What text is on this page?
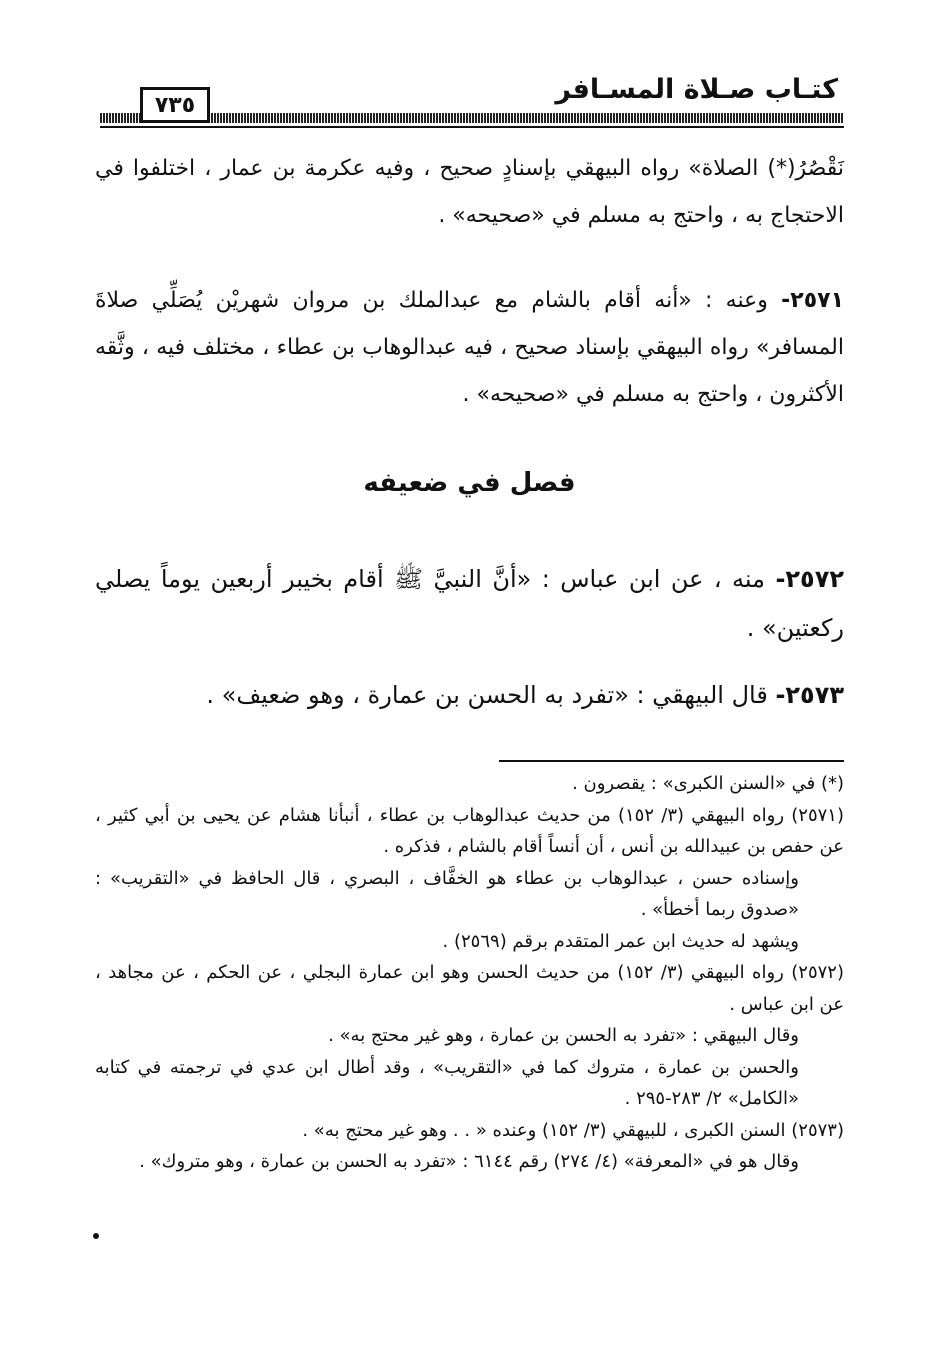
كتـاب صـلاة المسـافر
٧٣٥

نَقْصُرُ(*) الصلاة» رواه البيهقي بإسنادٍ صحيح ، وفيه عكرمة بن عمار ، اختلفوا في الاحتجاج به ، واحتج به مسلم في «صحيحه» .

٢٥٧١- وعنه : «أنه أقام بالشام مع عبدالملك بن مروان شهريْن يُصَلِّي صلاةَ المسافر» رواه البيهقي بإسناد صحيح ، فيه عبدالوهاب بن عطاء ، مختلف فيه ، وثَّقه الأكثرون ، واحتج به مسلم في «صحيحه» .

فصل في ضعيفه

٢٥٧٢- منه ، عن ابن عباس : «أنَّ النبيَّ ﷺ أقام بخيبر أربعين يوماً يصلي ركعتين» .

٢٥٧٣- قال البيهقي : «تفرد به الحسن بن عمارة ، وهو ضعيف» .

(*) في «السنن الكبرى» : يقصرون .

(٢٥٧١) رواه البيهقي (٣/ ١٥٢) من حديث عبدالوهاب بن عطاء ، أنبأنا هشام عن يحيى بن أبي كثير ، عن حفص بن عبيدالله بن أنس ، أن أنساً أقام بالشام ، فذكره .

وإسناده حسن ، عبدالوهاب بن عطاء هو الخفَّاف ، البصري ، قال الحافظ في «التقريب» : «صدوق ربما أخطأ» .

ويشهد له حديث ابن عمر المتقدم برقم (٢٥٦٩) .

(٢٥٧٢) رواه البيهقي (٣/ ١٥٢) من حديث الحسن وهو ابن عمارة البجلي ، عن الحكم ، عن مجاهد ، عن ابن عباس .

وقال البيهقي : «تفرد به الحسن بن عمارة ، وهو غير محتج به» .

والحسن بن عمارة ، متروك كما في «التقريب» ، وقد أطال ابن عدي في ترجمته في كتابه «الكامل» ٢/ ٢٨٣-٢٩٥ .

(٢٥٧٣) السنن الكبرى ، للبيهقي (٣/ ١٥٢) وعنده « . . وهو غير محتج به» .

وقال هو في «المعرفة» (٤/ ٢٧٤) رقم ٦١٤٤ : «تفرد به الحسن بن عمارة ، وهو متروك» .
